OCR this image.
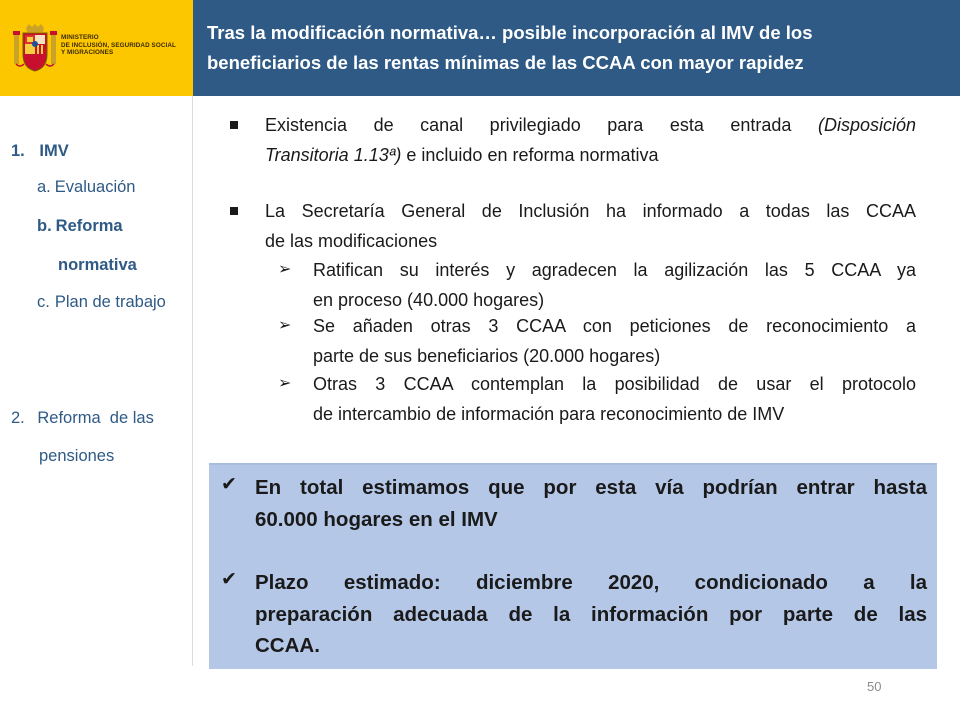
MINISTERIO
DE INCLUSIÓN, SEGURIDAD SOCIAL
Y MIGRACIONES
Tras la modificación normativa… posible incorporación al IMV de los
beneficiarios de las rentas mínimas de las CCAA con mayor rapidez
1. IMV
a. Evaluación
b. Reforma
normativa
c. Plan de trabajo
2. Reforma  de las
pensiones
Existencia de canal privilegiado para esta entrada (Disposición
Transitoria 1.13ª) e incluido en reforma normativa
La Secretaría General de Inclusión ha informado a todas las CCAA
de las modificaciones
➢ Ratifican su interés y agradecen la agilización las 5 CCAA ya
en proceso (40.000 hogares)
➢ Se añaden otras 3 CCAA con peticiones de reconocimiento a
parte de sus beneficiarios (20.000 hogares)
➢ Otras 3 CCAA contemplan la posibilidad de usar el protocolo
de intercambio de información para reconocimiento de IMV
✔ En total estimamos que por esta vía podrían entrar hasta
60.000 hogares en el IMV
✔ Plazo estimado: diciembre 2020, condicionado a la
preparación adecuada de la información por parte de las
CCAA.
50
